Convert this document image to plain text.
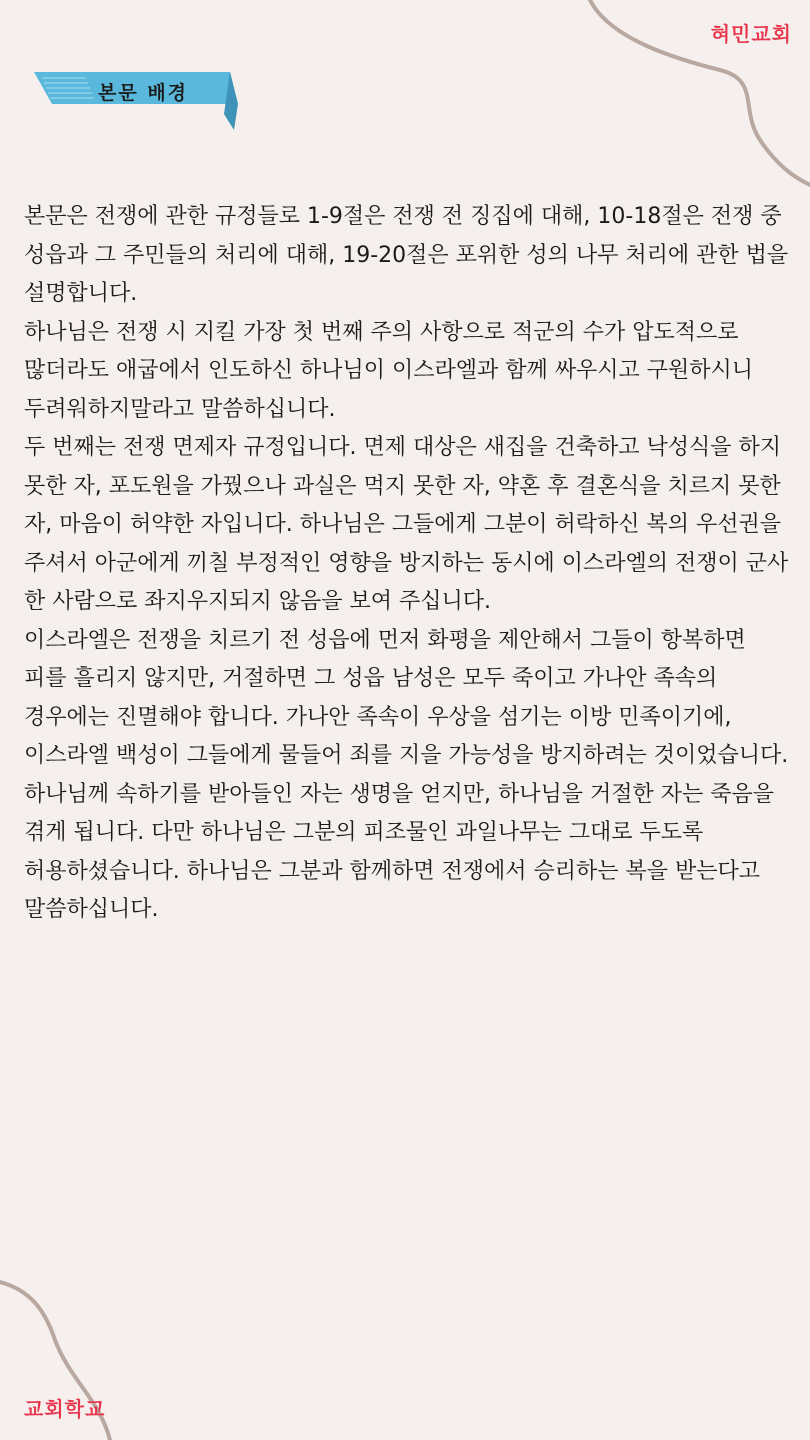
혀민교회
본문 배경

본문은 전쟁에 관한 규정들로 1-9절은 전쟁 전 징집에 대해, 10-18절은 전쟁 중 성읍과 그 주민들의 처리에 대해, 19-20절은 포위한 성의 나무 처리에 관한 법을 설명합니다.

하나님은 전쟁 시 지킬 가장 첫 번째 주의 사항으로 적군의 수가 압도적으로 많더라도 애굽에서 인도하신 하나님이 이스라엘과 함께 싸우시고 구원하시니 두려워하지말라고 말씀하십니다.

두 번째는 전쟁 면제자 규정입니다. 면제 대상은 새집을 건축하고 낙성식을 하지 못한 자, 포도원을 가꿨으나 과실은 먹지 못한 자, 약혼 후 결혼식을 치르지 못한 자, 마음이 허약한 자입니다. 하나님은 그들에게 그분이 허락하신 복의 우선권을 주셔서 아군에게 끼칠 부정적인 영향을 방지하는 동시에 이스라엘의 전쟁이 군사 한 사람으로 좌지우지되지 않음을 보여 주십니다.

이스라엘은 전쟁을 치르기 전 성읍에 먼저 화평을 제안해서 그들이 항복하면 피를 흘리지 않지만, 거절하면 그 성읍 남성은 모두 죽이고 가나안 족속의 경우에는 진멸해야 합니다. 가나안 족속이 우상을 섬기는 이방 민족이기에, 이스라엘 백성이 그들에게 물들어 죄를 지을 가능성을 방지하려는 것이었습니다.

하나님께 속하기를 받아들인 자는 생명을 얻지만, 하나님을 거절한 자는 죽음을 겪게 됩니다. 다만 하나님은 그분의 피조물인 과일나무는 그대로 두도록 허용하셨습니다. 하나님은 그분과 함께하면 전쟁에서 승리하는 복을 받는다고 말씀하십니다.

교회학교
